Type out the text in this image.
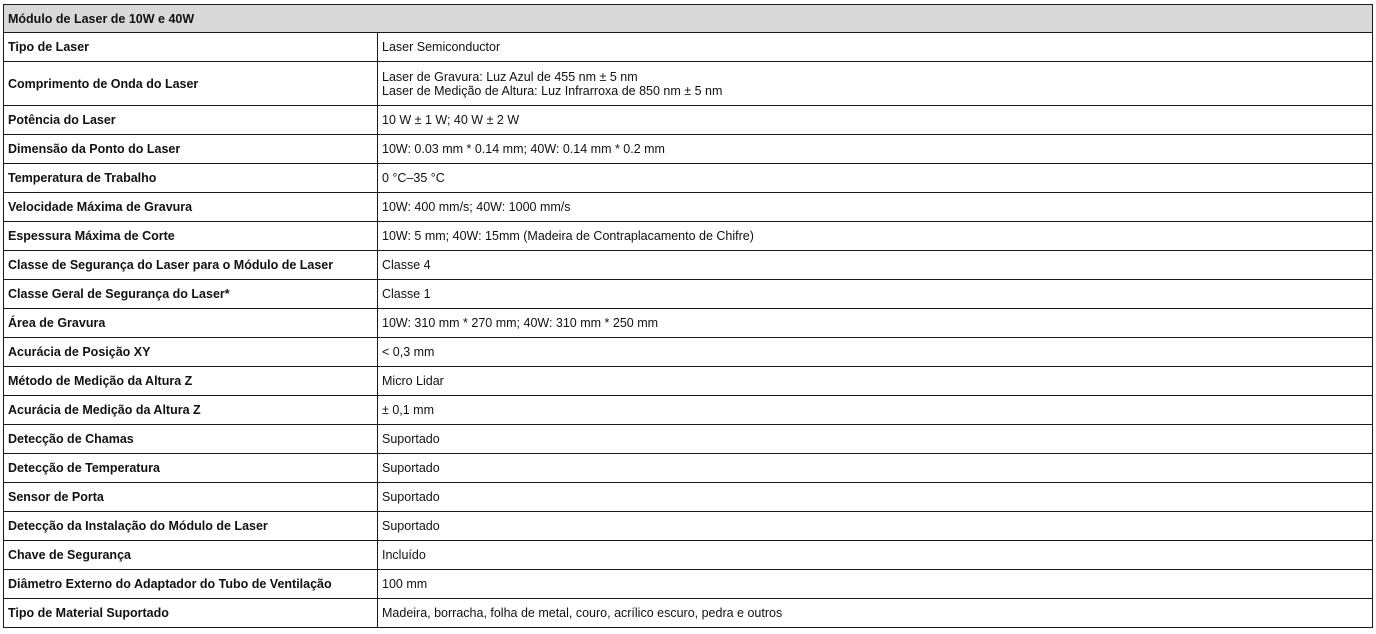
Módulo de Laser de 10W e 40W	
Tipo de Laser	Laser Semiconductor

Comprimento de Onda do Laser	Laser de Gravura: Luz Azul de 455 nm ± 5 nm
Laser de Medição de Altura: Luz Infrarroxa de 850 nm ± 5 nm

Potência do Laser	10 W ± 1 W; 40 W ± 2 W

Dimensão da Ponto do Laser	10W: 0.03 mm * 0.14 mm; 40W: 0.14 mm * 0.2 mm

Temperatura de Trabalho	0 °C–35 °C

Velocidade Máxima de Gravura	10W: 400 mm/s; 40W: 1000 mm/s

Espessura Máxima de Corte	10W: 5 mm; 40W: 15mm (Madeira de Contraplacamento de Chifre)

Classe de Segurança do Laser para o Módulo de Laser	Classe 4

Classe Geral de Segurança do Laser*	Classe 1

Área de Gravura	10W: 310 mm * 270 mm; 40W: 310 mm * 250 mm

Acurácia de Posição XY	< 0,3 mm

Método de Medição da Altura Z	Micro Lidar

Acurácia de Medição da Altura Z	± 0,1 mm

Detecção de Chamas	Suportado

Detecção de Temperatura	Suportado

Sensor de Porta	Suportado

Detecção da Instalação do Módulo de Laser	Suportado

Chave de Segurança	Incluído

Diâmetro Externo do Adaptador do Tubo de Ventilação	100 mm

Tipo de Material Suportado	Madeira, borracha, folha de metal, couro, acrílico escuro, pedra e outros
